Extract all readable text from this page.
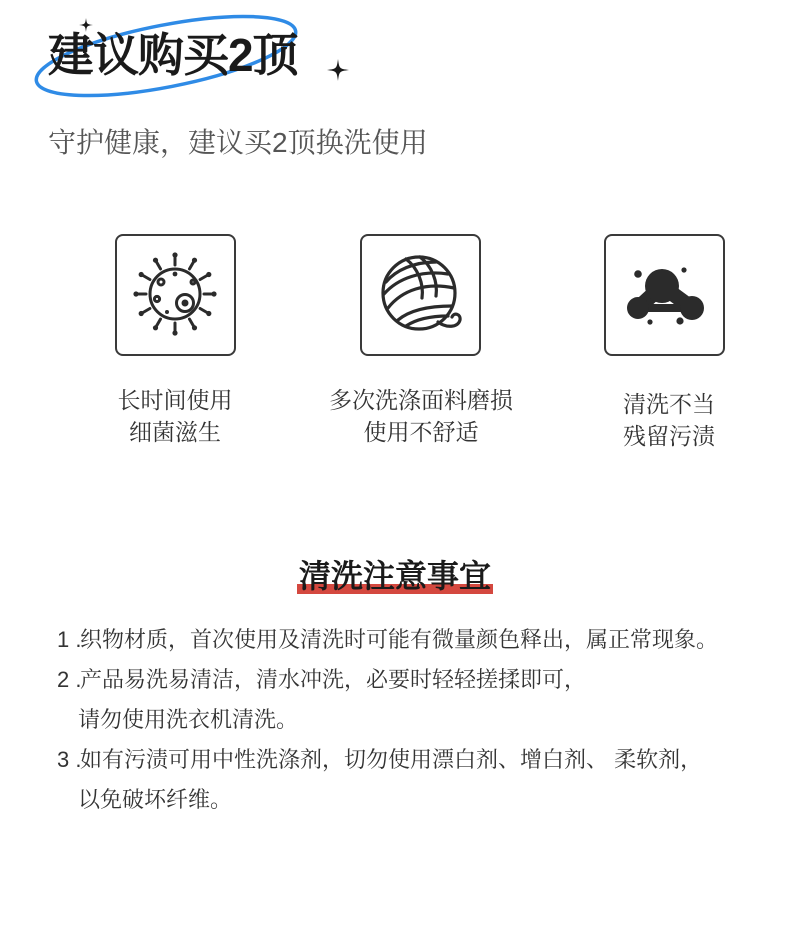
建议购买2顶
守护健康，建议买2顶换洗使用
长时间使用
细菌滋生
多次洗涤面料磨损
使用不舒适
清洗不当
残留污渍
清洗注意事宜
1 .织物材质，首次使用及清洗时可能有微量颜色释出，属正常现象。
2 .产品易洗易清洁，清水冲洗，必要时轻轻搓揉即可，
请勿使用洗衣机清洗。
3 .如有污渍可用中性洗涤剂，切勿使用漂白剂、增白剂、 柔软剂，
以免破坏纤维。
